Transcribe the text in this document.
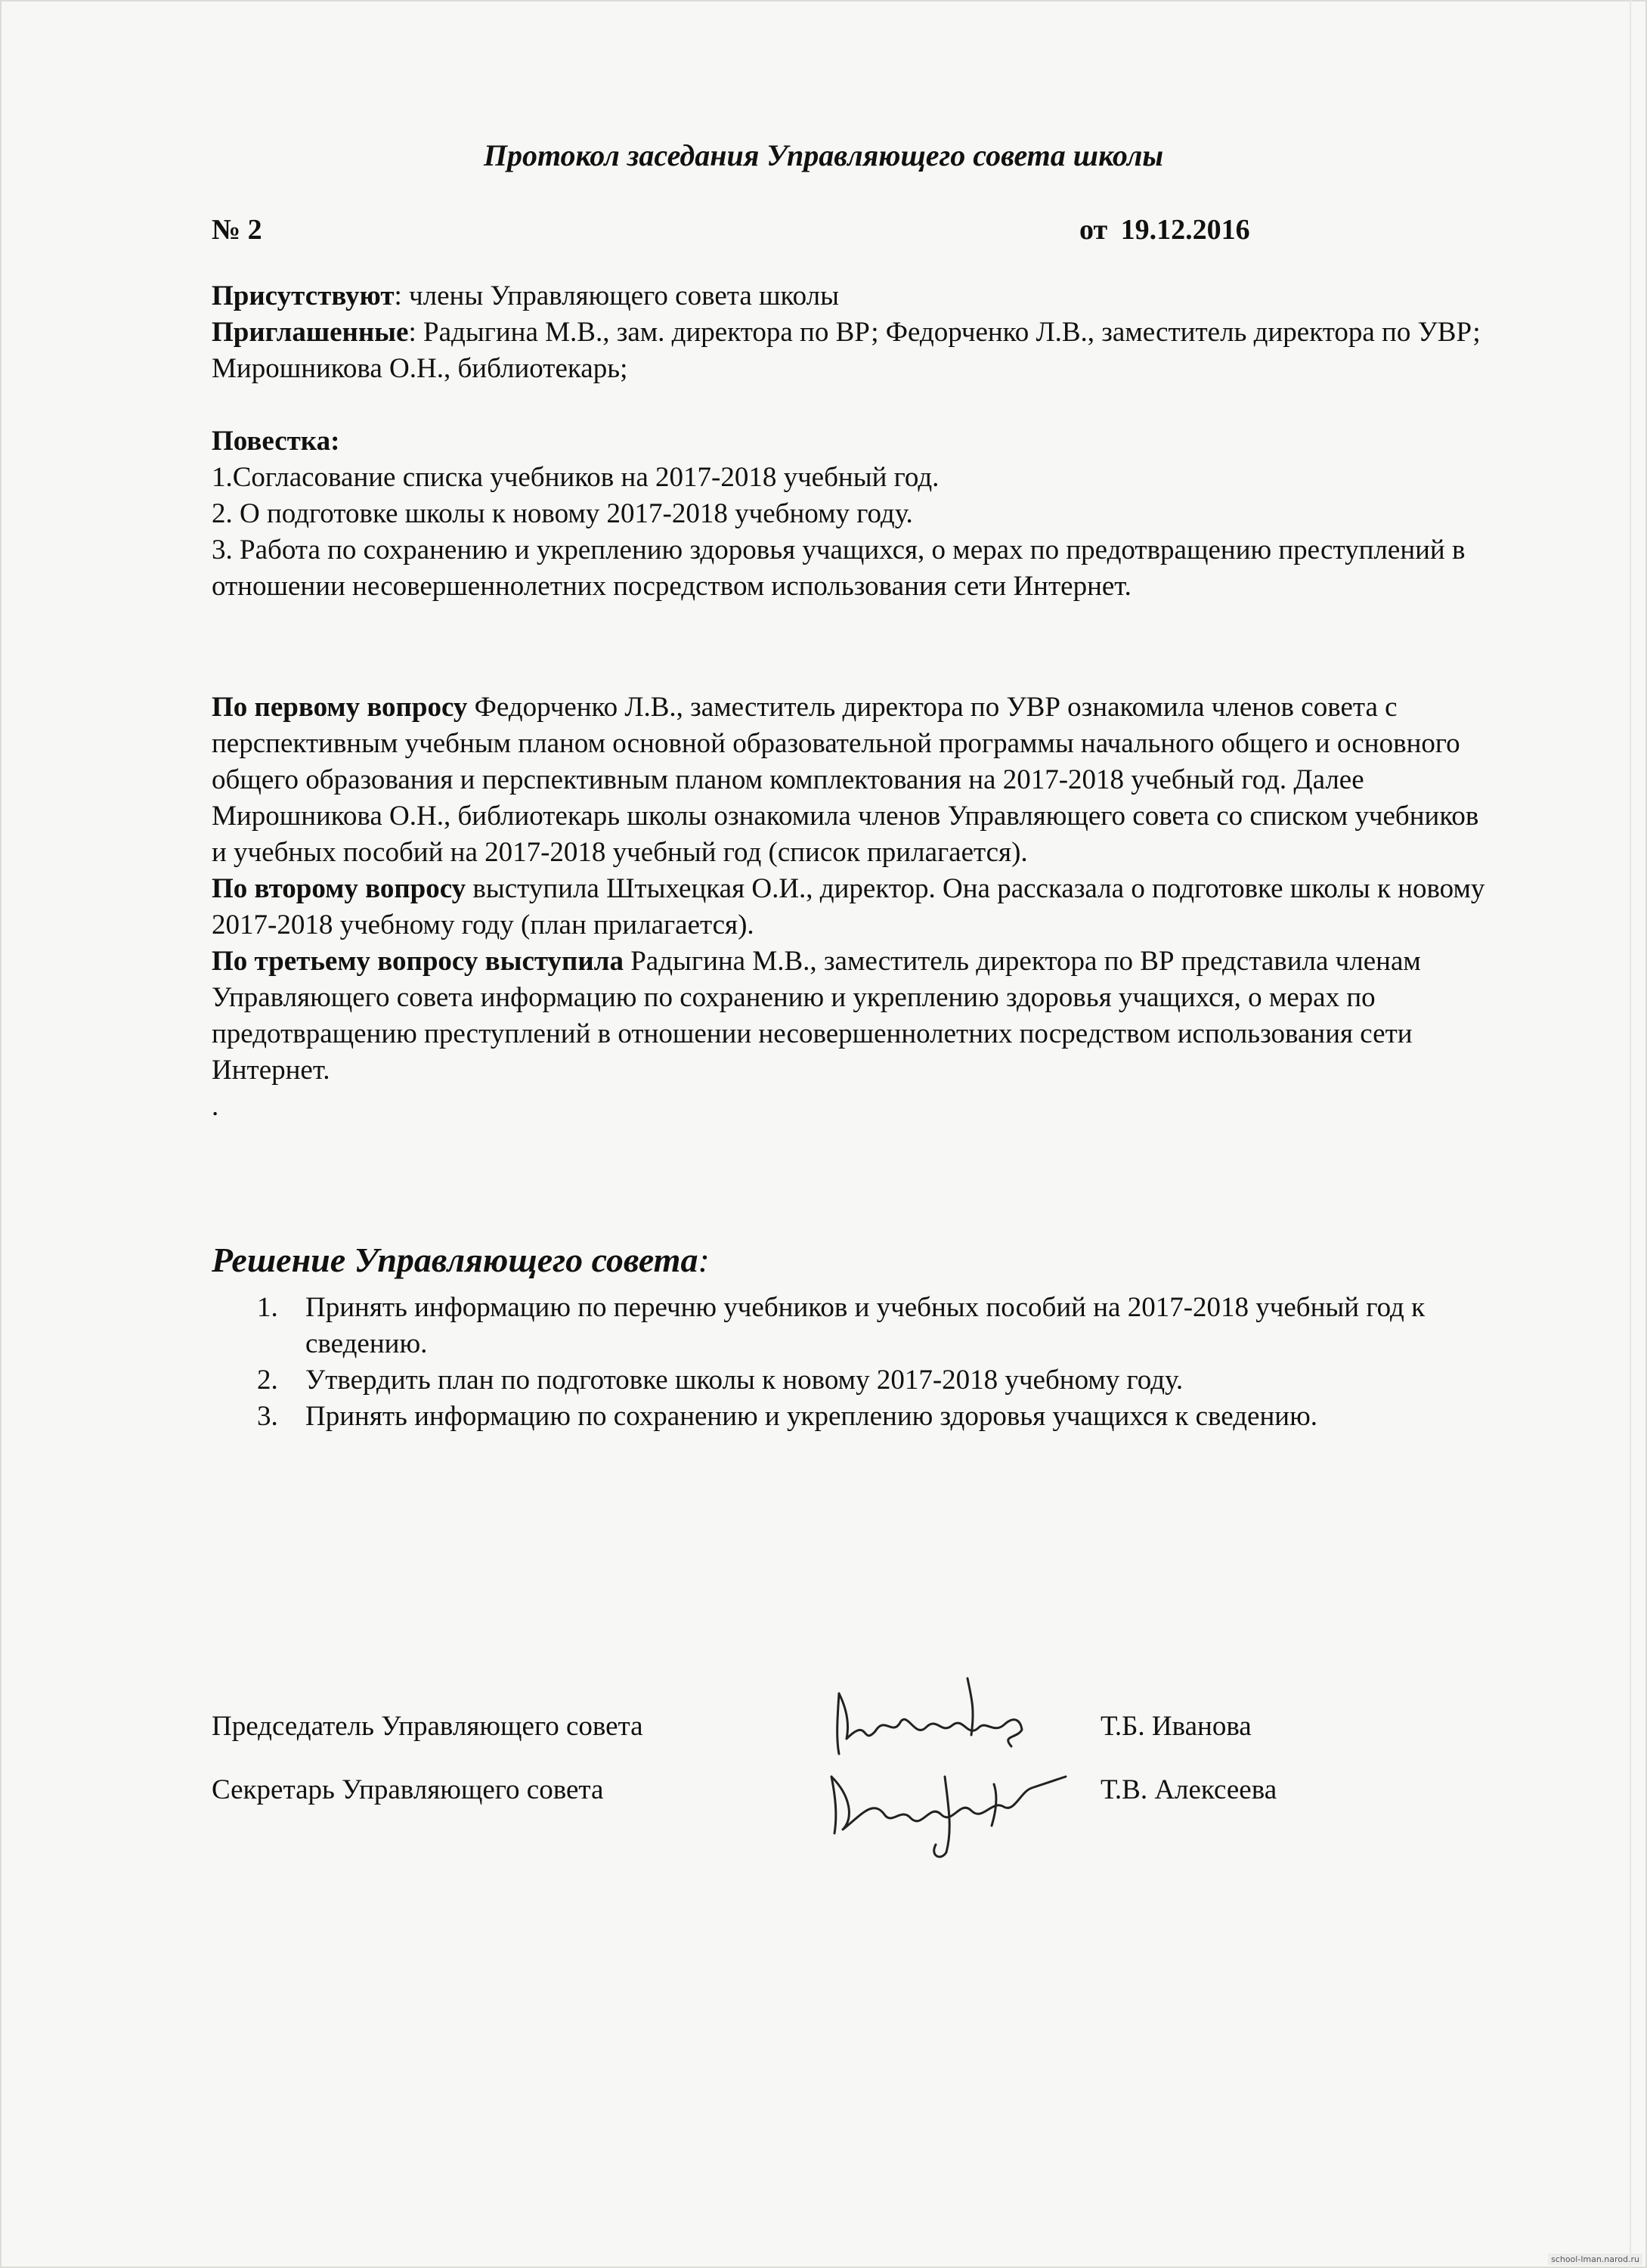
Протокол заседания Управляющего совета школы
№ 2	от 19.12.2016

Присутствуют: члены Управляющего совета школы

Приглашенные: Радыгина М.В., зам. директора по ВР; Федорченко Л.В., заместитель директора по УВР; Мирошникова О.Н., библиотекарь;

Повестка:

1.Согласование списка учебников на 2017-2018 учебный год.

2. О подготовке школы к новому 2017-2018 учебному году.

3. Работа по сохранению и укреплению здоровья учащихся, о мерах по предотвращению преступлений в отношении несовершеннолетних посредством использования сети Интернет.

По первому вопросу Федорченко Л.В., заместитель директора по УВР ознакомила членов совета с перспективным учебным планом основной образовательной программы начального общего и основного общего образования и перспективным планом комплектования на 2017-2018 учебный год. Далее Мирошникова О.Н., библиотекарь школы ознакомила членов Управляющего совета со списком учебников и учебных пособий на 2017-2018 учебный год (список прилагается).

По второму вопросу выступила Штыхецкая О.И., директор. Она рассказала о подготовке школы к новому 2017-2018 учебному году (план прилагается).

По третьему вопросу выступила Радыгина М.В., заместитель директора по ВР представила членам Управляющего совета информацию по сохранению и укреплению здоровья учащихся, о мерах по предотвращению преступлений в отношении несовершеннолетних посредством использования сети Интернет.

.

Решение Управляющего совета:
1. Принять информацию по перечню учебников и учебных пособий на 2017-2018 учебный год к сведению.
2. Утвердить план по подготовке школы к новому 2017-2018 учебному году.
3. Принять информацию по сохранению и укреплению здоровья учащихся к сведению.
Председатель Управляющего совета	Т.Б. Иванова
Секретарь Управляющего совета	Т.В. Алексеева
school-lman.narod.ru
